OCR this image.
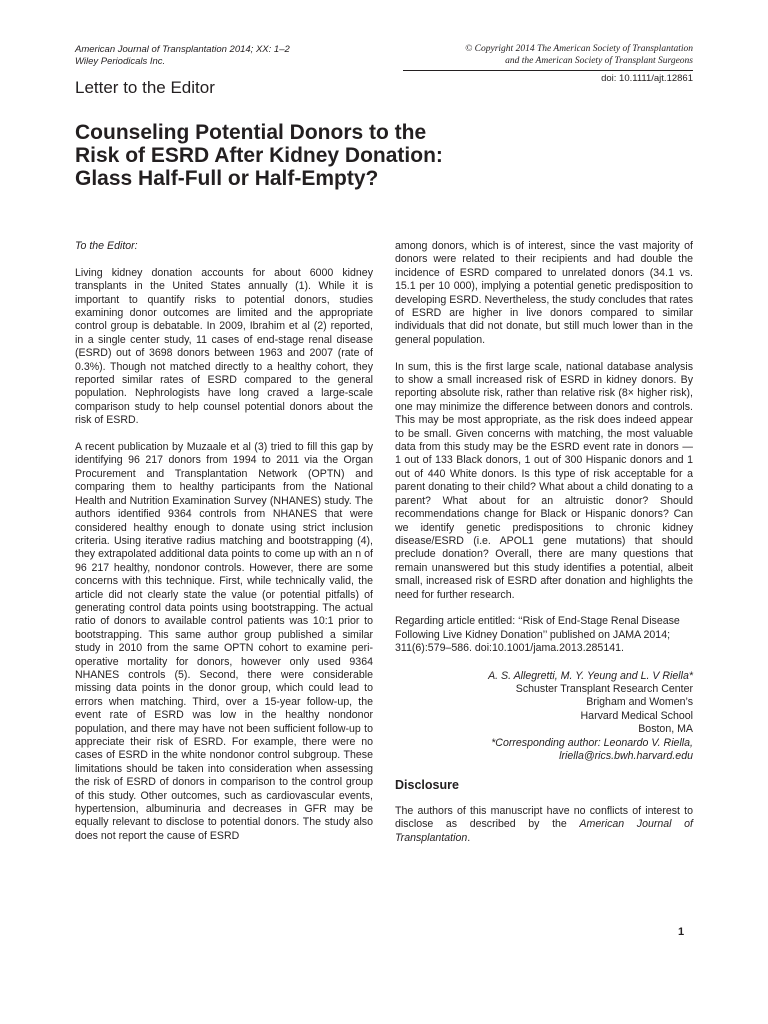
American Journal of Transplantation 2014; XX: 1–2
Wiley Periodicals Inc.
© Copyright 2014 The American Society of Transplantation
and the American Society of Transplant Surgeons
doi: 10.1111/ajt.12861
Letter to the Editor
Counseling Potential Donors to the
Risk of ESRD After Kidney Donation:
Glass Half-Full or Half-Empty?

To the Editor:

Living kidney donation accounts for about 6000 kidney transplants in the United States annually (1). While it is important to quantify risks to potential donors, studies examining donor outcomes are limited and the appropriate control group is debatable. In 2009, Ibrahim et al (2) reported, in a single center study, 11 cases of end-stage renal disease (ESRD) out of 3698 donors between 1963 and 2007 (rate of 0.3%). Though not matched directly to a healthy cohort, they reported similar rates of ESRD compared to the general population. Nephrologists have long craved a large-scale comparison study to help counsel potential donors about the risk of ESRD.

A recent publication by Muzaale et al (3) tried to fill this gap by identifying 96 217 donors from 1994 to 2011 via the Organ Procurement and Transplantation Network (OPTN) and comparing them to healthy participants from the National Health and Nutrition Examination Survey (NHANES) study. The authors identified 9364 controls from NHANES that were considered healthy enough to donate using strict inclusion criteria. Using iterative radius matching and bootstrapping (4), they extrapolated additional data points to come up with an n of 96 217 healthy, nondonor controls. However, there are some concerns with this technique. First, while technically valid, the article did not clearly state the value (or potential pitfalls) of generating control data points using bootstrapping. The actual ratio of donors to available control patients was 10:1 prior to bootstrapping. This same author group published a similar study in 2010 from the same OPTN cohort to examine peri-operative mortality for donors, however only used 9364 NHANES controls (5). Second, there were considerable missing data points in the donor group, which could lead to errors when matching. Third, over a 15-year follow-up, the event rate of ESRD was low in the healthy nondonor population, and there may have not been sufficient follow-up to appreciate their risk of ESRD. For example, there were no cases of ESRD in the white nondonor control subgroup. These limitations should be taken into consideration when assessing the risk of ESRD of donors in comparison to the control group of this study. Other outcomes, such as cardiovascular events, hypertension, albuminuria and decreases in GFR may be equally relevant to disclose to potential donors. The study also does not report the cause of ESRD

among donors, which is of interest, since the vast majority of donors were related to their recipients and had double the incidence of ESRD compared to unrelated donors (34.1 vs. 15.1 per 10 000), implying a potential genetic predisposition to developing ESRD. Nevertheless, the study concludes that rates of ESRD are higher in live donors compared to similar individuals that did not donate, but still much lower than in the general population.

In sum, this is the first large scale, national database analysis to show a small increased risk of ESRD in kidney donors. By reporting absolute risk, rather than relative risk (8× higher risk), one may minimize the difference between donors and controls. This may be most appropriate, as the risk does indeed appear to be small. Given concerns with matching, the most valuable data from this study may be the ESRD event rate in donors — 1 out of 133 Black donors, 1 out of 300 Hispanic donors and 1 out of 440 White donors. Is this type of risk acceptable for a parent donating to their child? What about a child donating to a parent? What about for an altruistic donor? Should recommendations change for Black or Hispanic donors? Can we identify genetic predispositions to chronic kidney disease/ESRD (i.e. APOL1 gene mutations) that should preclude donation? Overall, there are many questions that remain unanswered but this study identifies a potential, albeit small, increased risk of ESRD after donation and highlights the need for further research.

Regarding article entitled: ‘‘Risk of End-Stage Renal Disease Following Live Kidney Donation’’ published on JAMA 2014; 311(6):579–586. doi:10.1001/jama.2013.285141.

A. S. Allegretti, M. Y. Yeung and L. V Riella*
Schuster Transplant Research Center
Brigham and Women’s
Harvard Medical School
Boston, MA
*Corresponding author: Leonardo V. Riella,
lriella@rics.bwh.harvard.edu
Disclosure

The authors of this manuscript have no conflicts of interest to disclose as described by the American Journal of Transplantation.

1
